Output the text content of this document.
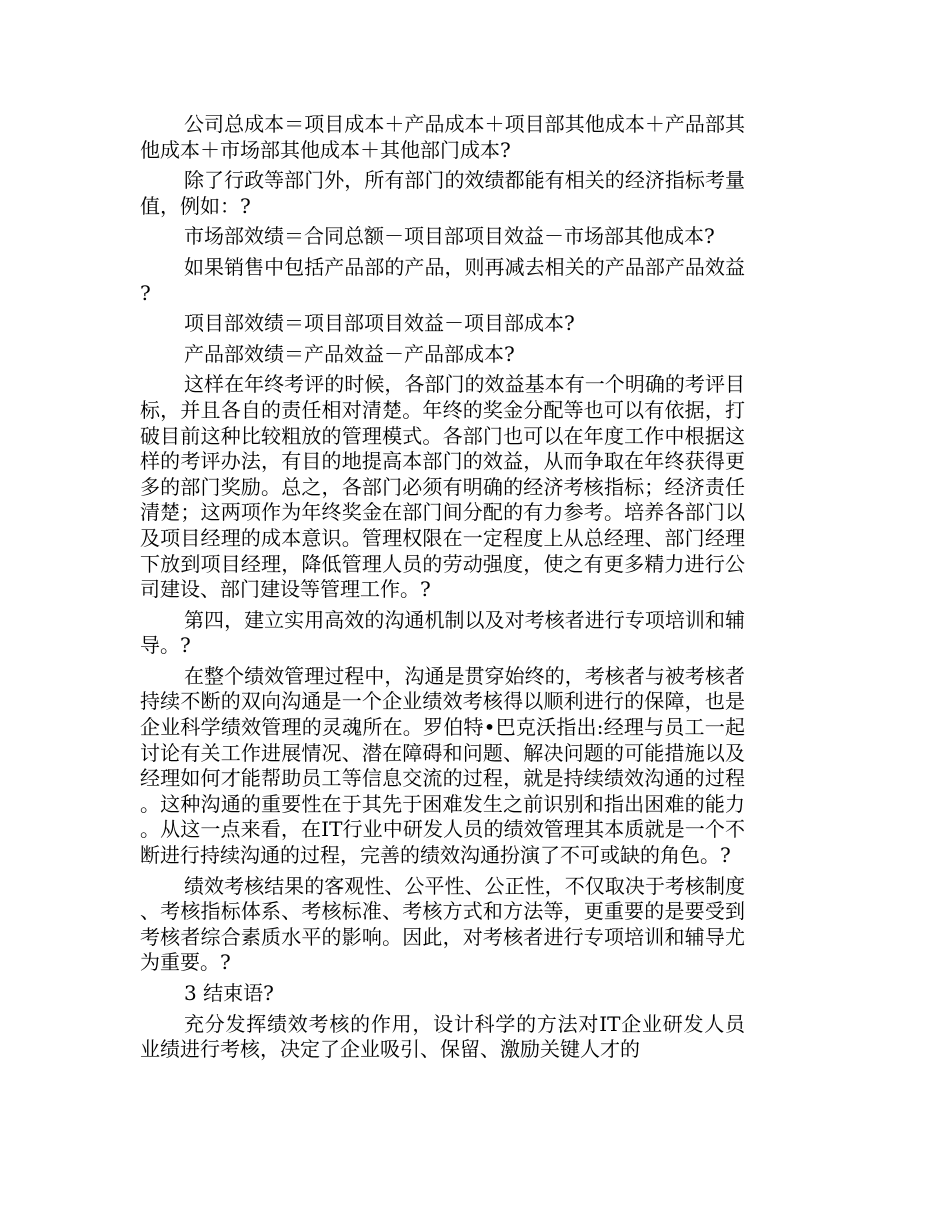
公司总成本＝项目成本＋产品成本＋项目部其他成本＋产品部其他成本＋市场部其他成本＋其他部门成本?

除了行政等部门外，所有部门的效绩都能有相关的经济指标考量值，例如：?

市场部效绩＝合同总额－项目部项目效益－市场部其他成本?

如果销售中包括产品部的产品，则再减去相关的产品部产品效益?

项目部效绩＝项目部项目效益－项目部成本?

产品部效绩＝产品效益－产品部成本?

这样在年终考评的时候，各部门的效益基本有一个明确的考评目标，并且各自的责任相对清楚。年终的奖金分配等也可以有依据，打破目前这种比较粗放的管理模式。各部门也可以在年度工作中根据这样的考评办法，有目的地提高本部门的效益，从而争取在年终获得更多的部门奖励。总之，各部门必须有明确的经济考核指标；经济责任清楚；这两项作为年终奖金在部门间分配的有力参考。培养各部门以及项目经理的成本意识。管理权限在一定程度上从总经理、部门经理下放到项目经理，降低管理人员的劳动强度，使之有更多精力进行公司建设、部门建设等管理工作。?

第四，建立实用高效的沟通机制以及对考核者进行专项培训和辅导。?

在整个绩效管理过程中，沟通是贯穿始终的，考核者与被考核者持续不断的双向沟通是一个企业绩效考核得以顺利进行的保障，也是企业科学绩效管理的灵魂所在。罗伯特•巴克沃指出:经理与员工一起讨论有关工作进展情况、潜在障碍和问题、解决问题的可能措施以及经理如何才能帮助员工等信息交流的过程，就是持续绩效沟通的过程。这种沟通的重要性在于其先于困难发生之前识别和指出困难的能力。从这一点来看，在IT行业中研发人员的绩效管理其本质就是一个不断进行持续沟通的过程，完善的绩效沟通扮演了不可或缺的角色。?

绩效考核结果的客观性、公平性、公正性，不仅取决于考核制度、考核指标体系、考核标准、考核方式和方法等，更重要的是要受到考核者综合素质水平的影响。因此，对考核者进行专项培训和辅导尤为重要。?

3 结束语?

充分发挥绩效考核的作用，设计科学的方法对IT企业研发人员业绩进行考核，决定了企业吸引、保留、激励关键人才的
